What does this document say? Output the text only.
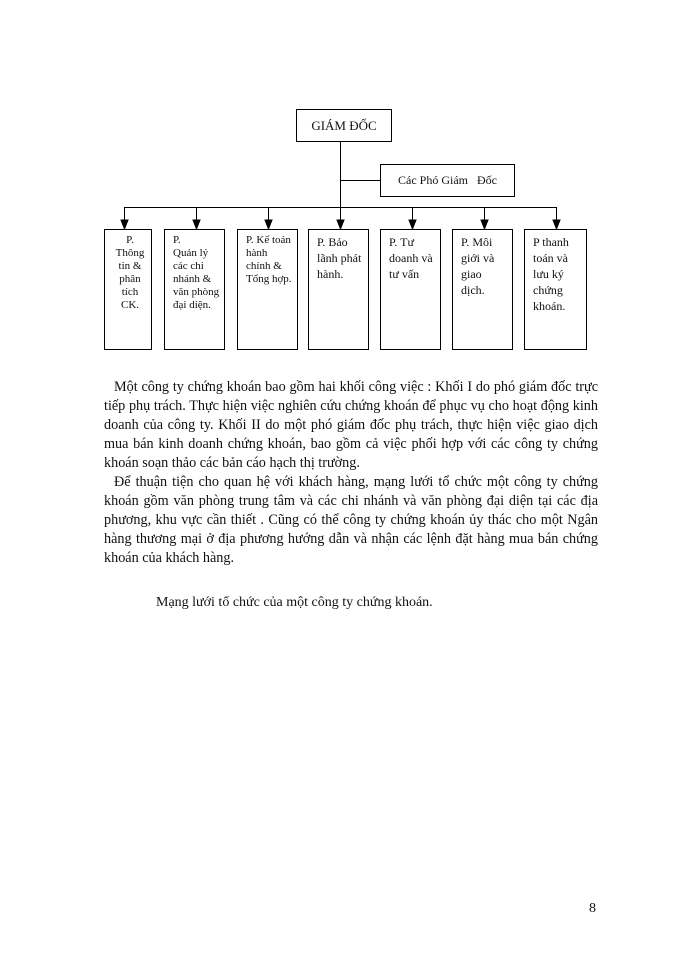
GIÁM ĐỐC
Các Phó Giám   Đốc
P.
Thông tin &
phân tích
CK.
P.
Quản lý các chi nhánh &
văn phòng đại diện.
P. Kế toán hành chính &
Tổng hợp.
P. Bảo lãnh phát hành.
P. Tư doanh và tư vấn
P. Môi giới và giao dịch.
P thanh toán và lưu ký chứng khoán.

Một công ty chứng khoán bao gồm hai khối công việc : Khối I do phó giám đốc trực tiếp phụ trách. Thực hiện việc nghiên cứu chứng khoán để phục vụ cho hoạt động kinh doanh của công ty. Khối II do một phó giám đốc phụ trách, thực hiện việc giao dịch mua bán kinh doanh chứng khoán, bao gồm cả việc phối hợp với các công ty chứng khoán soạn thảo các bản cáo hạch thị trường.

Để thuận tiện cho quan hệ với khách hàng, mạng lưới tổ chức một công ty chứng khoán gồm văn phòng trung tâm và các chi nhánh và văn phòng đại diện tại các địa phương, khu vực cần thiết . Cũng có thể công ty chứng khoán ủy thác cho một Ngân hàng thương mại ở địa phương hướng dẫn và nhận các lệnh đặt hàng mua bán chứng khoán của khách hàng.

Mạng lưới tổ chức của một công ty chứng khoán.
8
